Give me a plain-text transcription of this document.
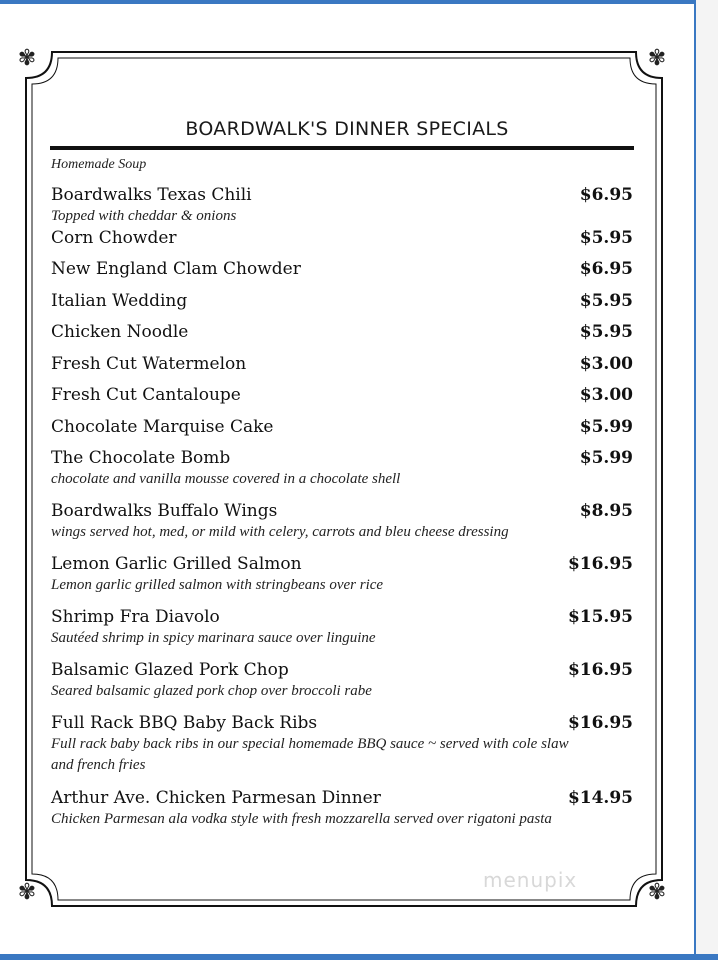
✾	✾
✾	✾
BOARDWALK'S DINNER SPECIALS
Homemade Soup
Boardwalks Texas Chili	$6.95
Topped with cheddar & onions
Corn Chowder	$5.95
New England Clam Chowder	$6.95
Italian Wedding	$5.95
Chicken Noodle	$5.95
Fresh Cut Watermelon	$3.00
Fresh Cut Cantaloupe	$3.00
Chocolate Marquise Cake	$5.99
The Chocolate Bomb	$5.99
chocolate and vanilla mousse covered in a chocolate shell
Boardwalks Buffalo Wings	$8.95
wings served hot, med, or mild with celery, carrots and bleu cheese dressing
Lemon Garlic Grilled Salmon	$16.95
Lemon garlic grilled salmon with stringbeans over rice
Shrimp Fra Diavolo	$15.95
Sautéed shrimp in spicy marinara sauce over linguine
Balsamic Glazed Pork Chop	$16.95
Seared balsamic glazed pork chop over broccoli rabe
Full Rack BBQ Baby Back Ribs	$16.95
Full rack baby back ribs in our special homemade BBQ sauce ~ served with cole slaw and french fries
Arthur Ave. Chicken Parmesan Dinner	$14.95
Chicken Parmesan ala vodka style with fresh mozzarella served over rigatoni pasta
menupix
